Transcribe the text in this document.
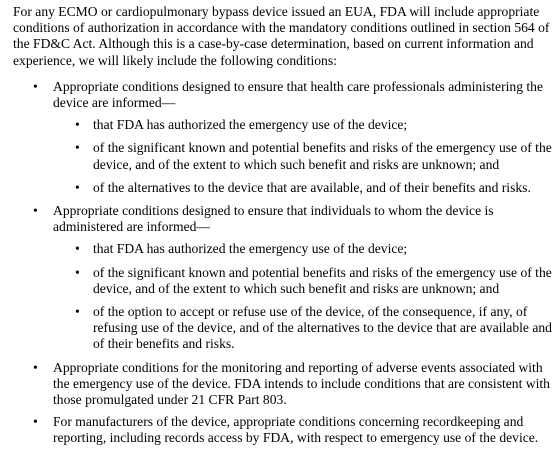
For any ECMO or cardiopulmonary bypass device issued an EUA, FDA will include appropriate conditions of authorization in accordance with the mandatory conditions outlined in section 564 of the FD&C Act. Although this is a case-by-case determination, based on current information and experience, we will likely include the following conditions:

• Appropriate conditions designed to ensure that health care professionals administering the device are informed—
• that FDA has authorized the emergency use of the device;
• of the significant known and potential benefits and risks of the emergency use of the device, and of the extent to which such benefit and risks are unknown; and
• of the alternatives to the device that are available, and of their benefits and risks.
• Appropriate conditions designed to ensure that individuals to whom the device is administered are informed—
• that FDA has authorized the emergency use of the device;
• of the significant known and potential benefits and risks of the emergency use of the device, and of the extent to which such benefit and risks are unknown; and
• of the option to accept or refuse use of the device, of the consequence, if any, of refusing use of the device, and of the alternatives to the device that are available and of their benefits and risks.
• Appropriate conditions for the monitoring and reporting of adverse events associated with the emergency use of the device. FDA intends to include conditions that are consistent with those promulgated under 21 CFR Part 803.
• For manufacturers of the device, appropriate conditions concerning recordkeeping and reporting, including records access by FDA, with respect to emergency use of the device.
